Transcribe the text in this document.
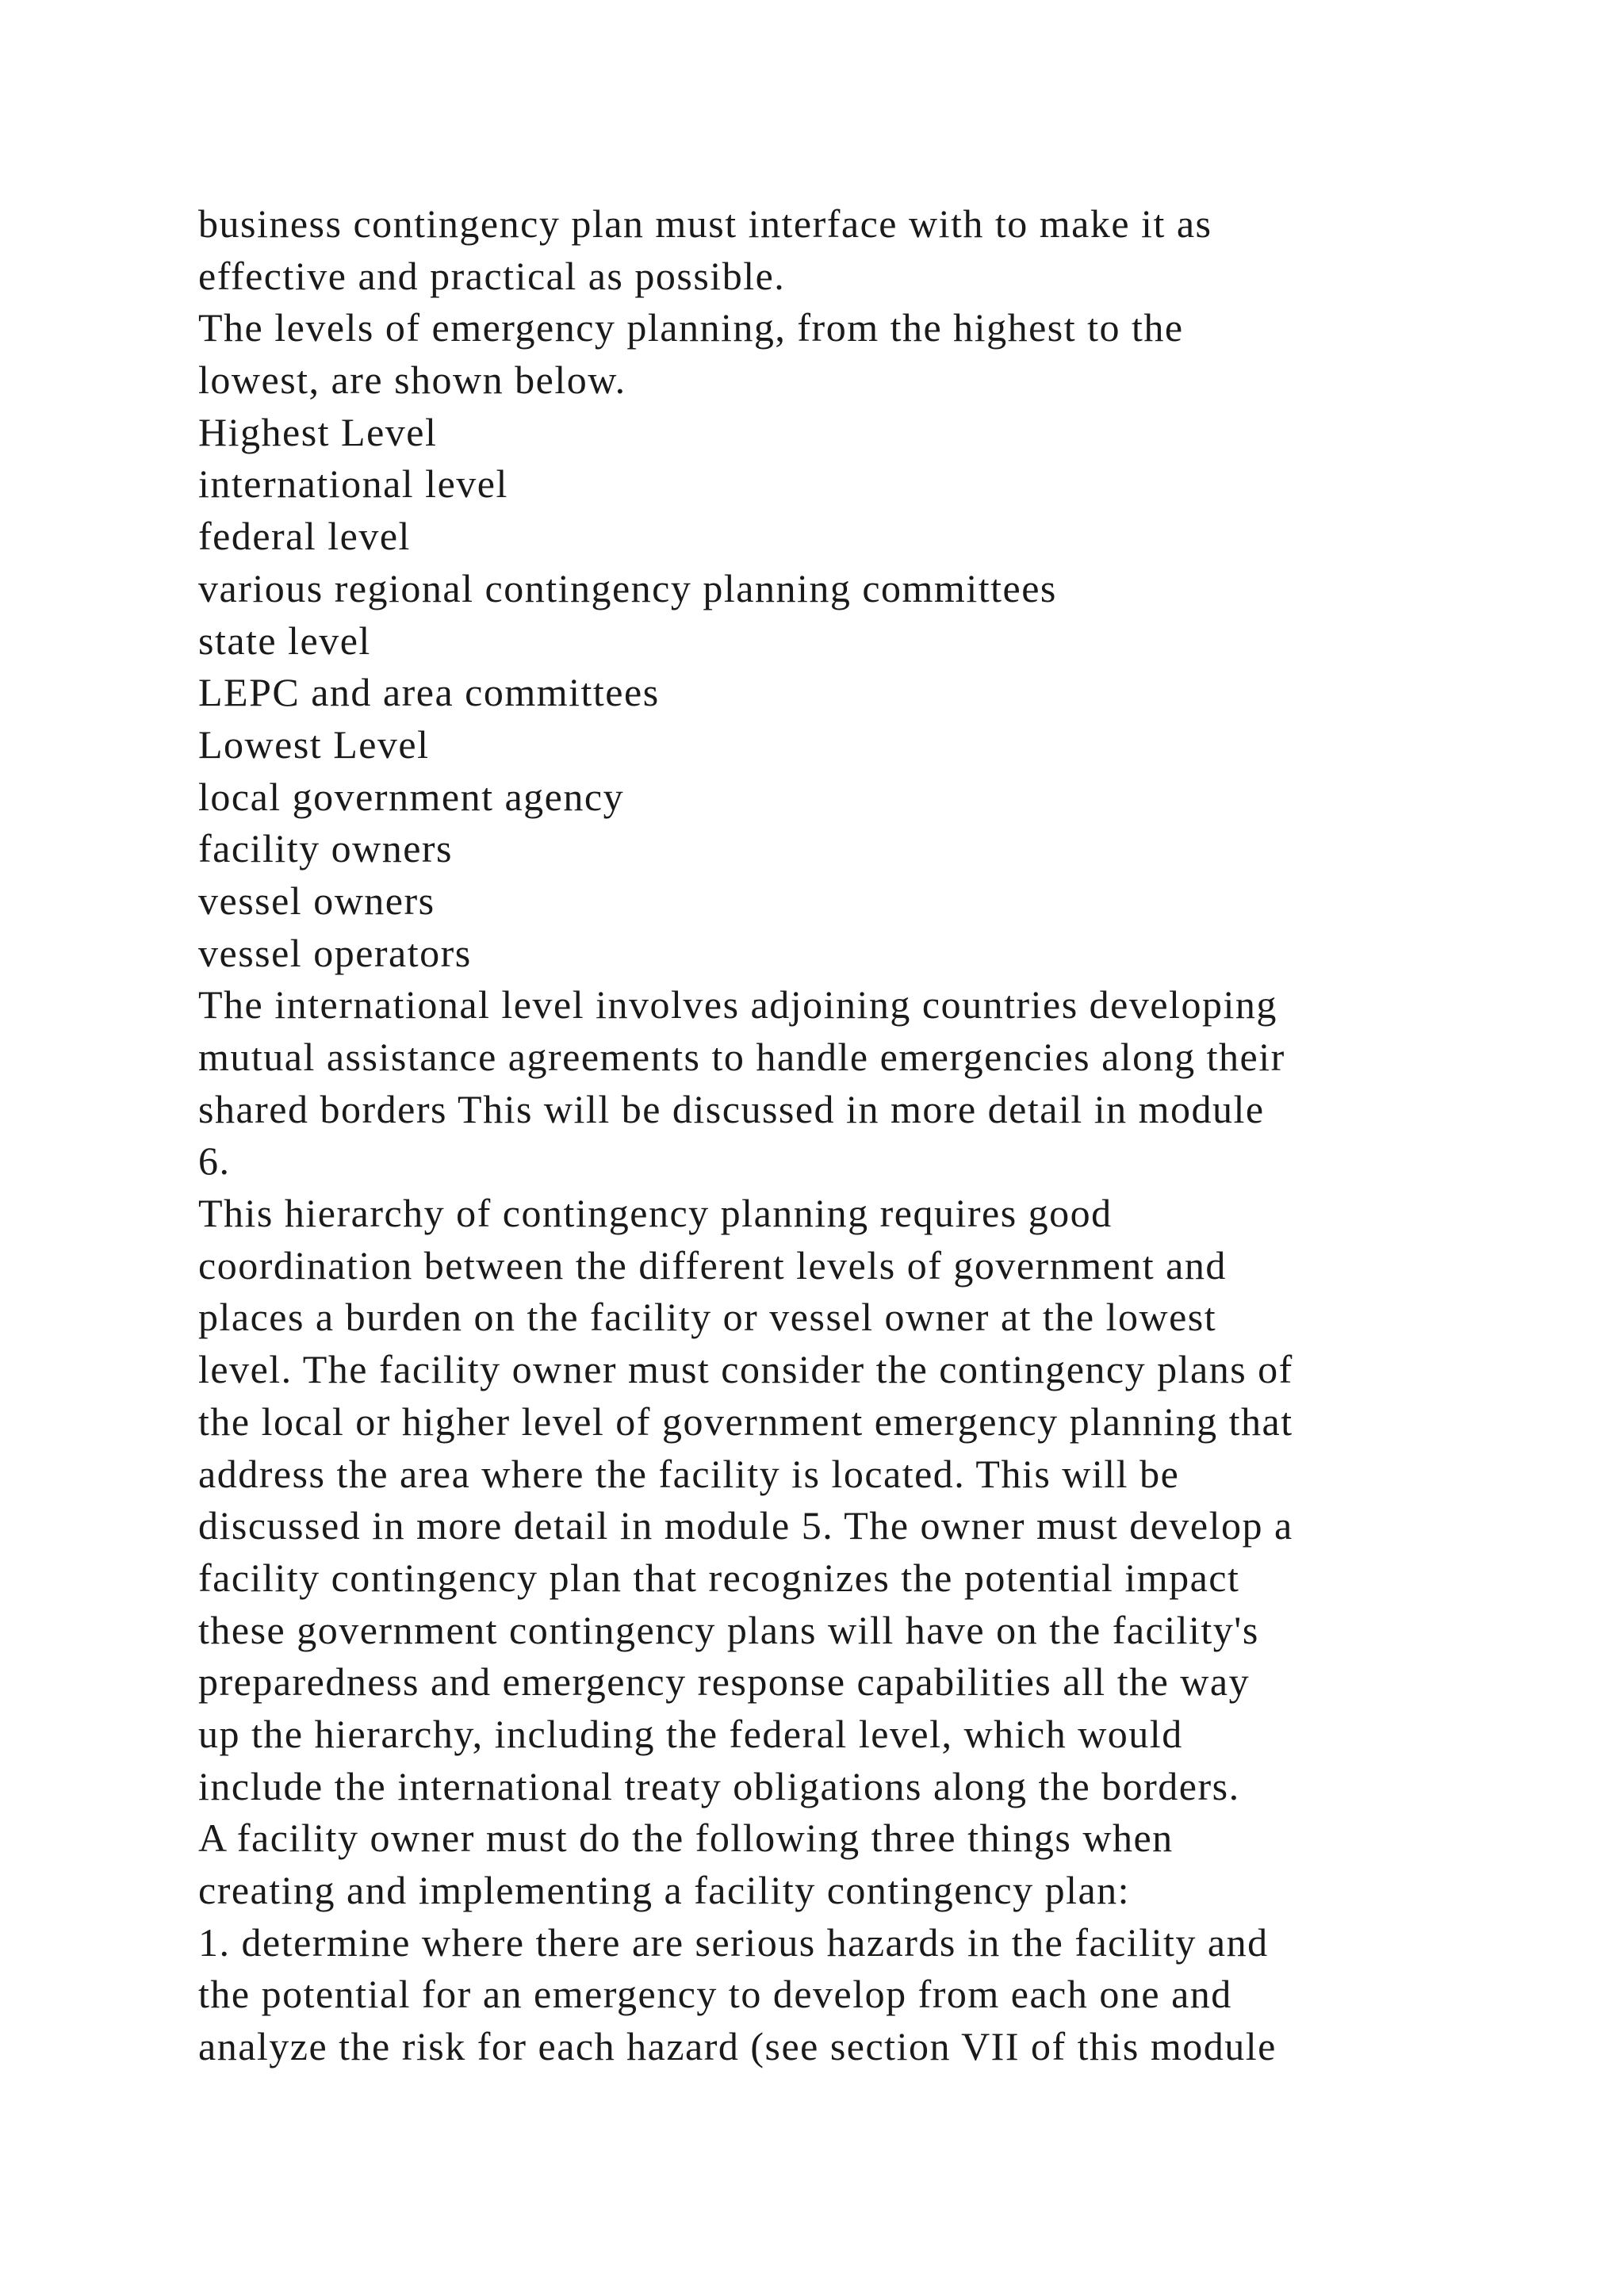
business contingency plan must interface with to make it as

effective and practical as possible.

The levels of emergency planning, from the highest to the

lowest, are shown below.

Highest Level

international level

federal level

various regional contingency planning committees

state level

LEPC and area committees

Lowest Level

local government agency

facility owners

vessel owners

vessel operators

The international level involves adjoining countries developing

mutual assistance agreements to handle emergencies along their

shared borders This will be discussed in more detail in module

6.

This hierarchy of contingency planning requires good

coordination between the different levels of government and

places a burden on the facility or vessel owner at the lowest

level. The facility owner must consider the contingency plans of

the local or higher level of government emergency planning that

address the area where the facility is located. This will be

discussed in more detail in module 5. The owner must develop a

facility contingency plan that recognizes the potential impact

these government contingency plans will have on the facility's

preparedness and emergency response capabilities all the way

up the hierarchy, including the federal level, which would

include the international treaty obligations along the borders.

A facility owner must do the following three things when

creating and implementing a facility contingency plan:

1. determine where there are serious hazards in the facility and

the potential for an emergency to develop from each one and

analyze the risk for each hazard (see section VII of this module
